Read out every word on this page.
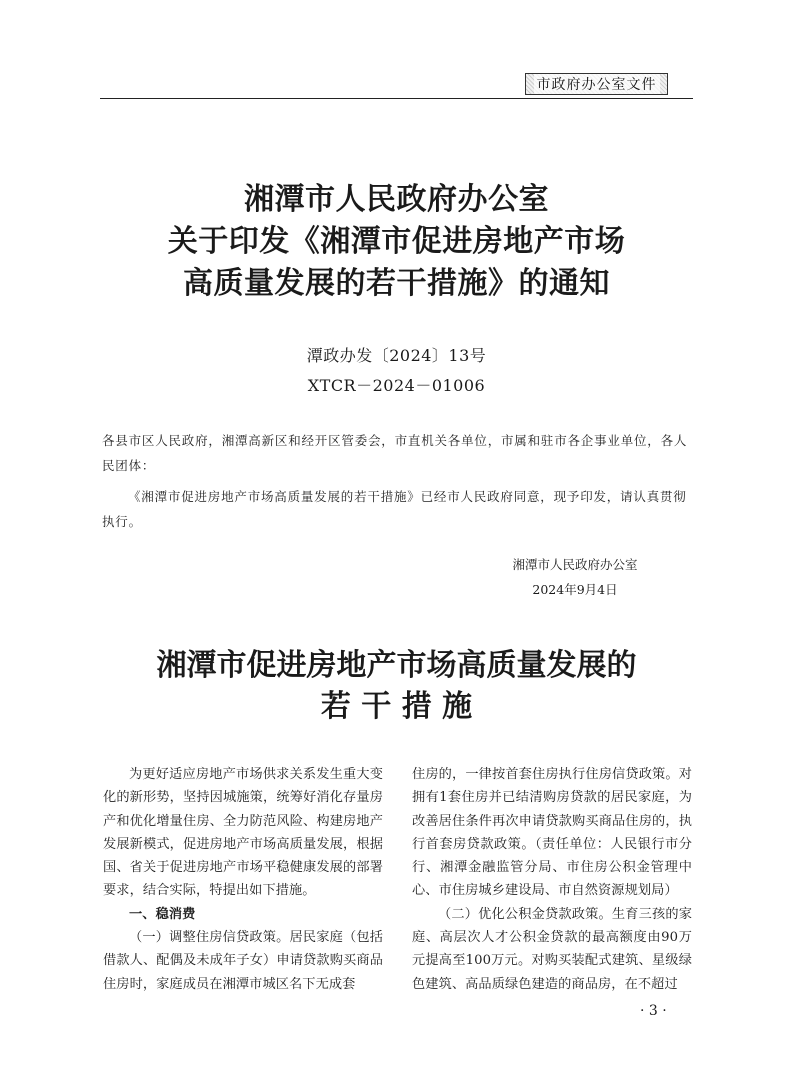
市政府办公室文件
湘潭市人民政府办公室
关于印发《湘潭市促进房地产市场
高质量发展的若干措施》的通知
潭政办发〔2024〕13号
XTCR－2024－01006
各县市区人民政府，湘潭高新区和经开区管委会，市直机关各单位，市属和驻市各企事业单位，各人民团体：
《湘潭市促进房地产市场高质量发展的若干措施》已经市人民政府同意，现予印发，请认真贯彻执行。
湘潭市人民政府办公室
2024年9月4日
湘潭市促进房地产市场高质量发展的
若 干 措 施

为更好适应房地产市场供求关系发生重大变化的新形势，坚持因城施策，统筹好消化存量房产和优化增量住房、全力防范风险、构建房地产发展新模式，促进房地产市场高质量发展，根据国、省关于促进房地产市场平稳健康发展的部署要求，结合实际，特提出如下措施。

一、稳消费

（一）调整住房信贷政策。居民家庭（包括借款人、配偶及未成年子女）申请贷款购买商品住房时，家庭成员在湘潭市城区名下无成套

住房的，一律按首套住房执行住房信贷政策。对拥有1套住房并已结清购房贷款的居民家庭，为改善居住条件再次申请贷款购买商品住房的，执行首套房贷款政策。（责任单位：人民银行市分行、湘潭金融监管分局、市住房公积金管理中心、市住房城乡建设局、市自然资源规划局）

（二）优化公积金贷款政策。生育三孩的家庭、高层次人才公积金贷款的最高额度由90万元提高至100万元。对购买装配式建筑、星级绿色建筑、高品质绿色建造的商品房，在不超过

· 3 ·
